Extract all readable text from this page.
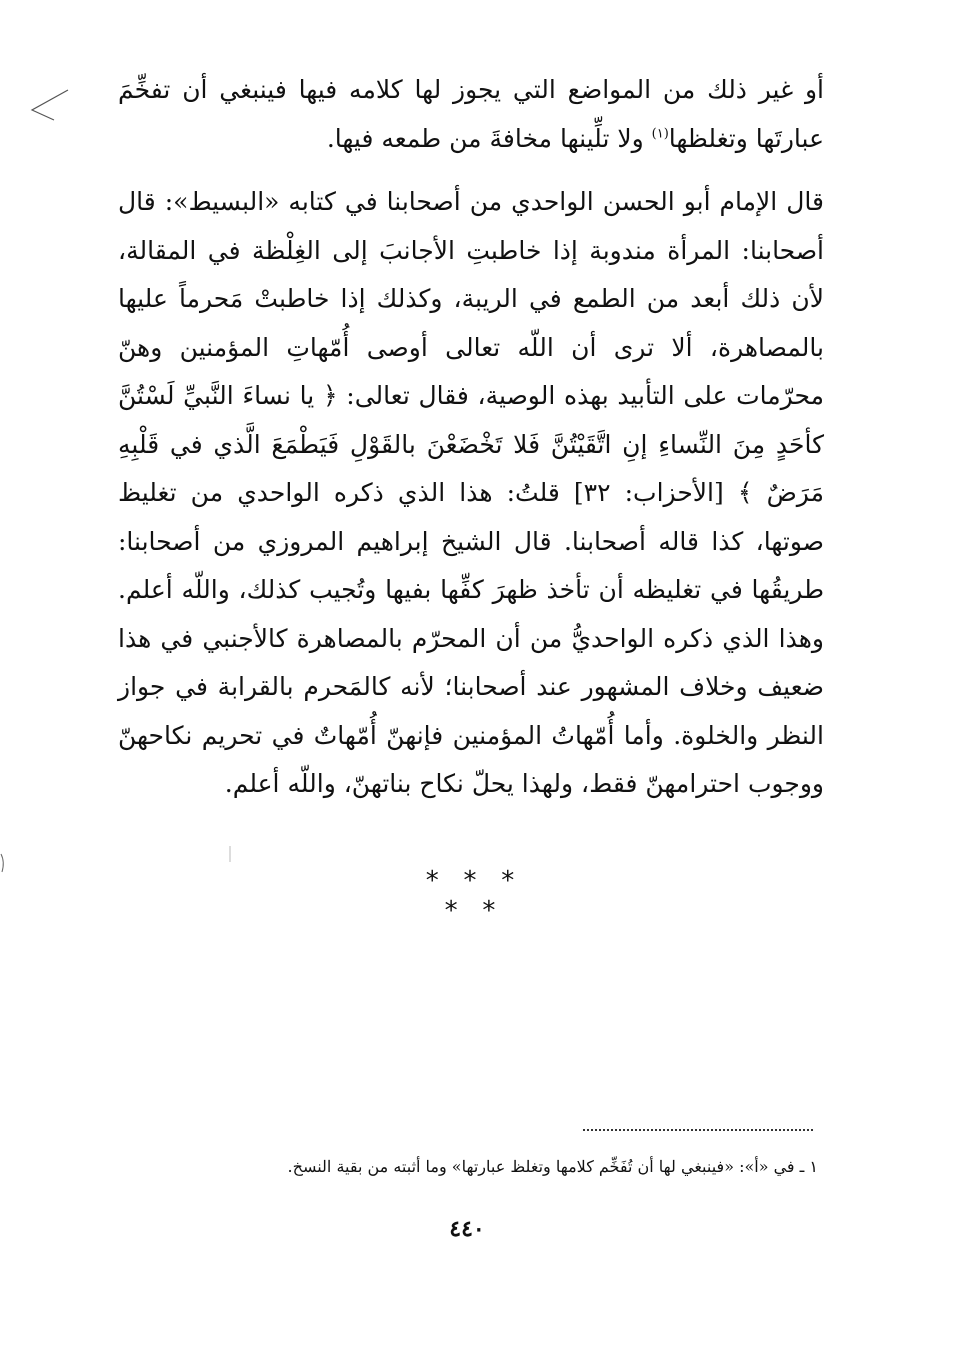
أو غير ذلك من المواضع التي يجوز لها كلامه فيها فينبغي أن تفخِّمَ عبارتَها وتغلظها$^{(١)}$ ولا تلِّينها مخافةَ من طمعه فيها.

قال الإمام أبو الحسن الواحدي من أصحابنا في كتابه «البسيط»: قال أصحابنا: المرأة مندوبة إذا خاطبتِ الأجانبَ إلى الغِلْظة في المقالة، لأن ذلك أبعد من الطمع في الريبة، وكذلك إذا خاطبتْ مَحرماً عليها بالمصاهرة، ألا ترى أن اللّه تعالى أوصى أُمّهاتِ المؤمنين وهنّ محرّمات على التأبيد بهذه الوصية، فقال تعالى: ﴿ يا نساءَ النَّبيِّ لَسْتُنَّ كأحَدٍ مِنَ النِّساءِ إنِ اتَّقَيْتُنَّ فَلا تَخْضَعْنَ بالقَوْلِ فَيَطْمَعَ الَّذي في قَلْبِهِ مَرَضٌ ﴾ [الأحزاب: ٣٢] قلتُ: هذا الذي ذكره الواحدي من تغليظ صوتها، كذا قاله أصحابنا. قال الشيخ إبراهيم المروزي من أصحابنا: طريقُها في تغليظه أن تأخذ ظهرَ كفِّها بفيها وتُجيب كذلك، واللّه أعلم. وهذا الذي ذكره الواحديُّ من أن المحرّم بالمصاهرة كالأجنبي في هذا ضعيف وخلاف المشهور عند أصحابنا؛ لأنه كالمَحرم بالقرابة في جواز النظر والخلوة. وأما أُمّهاتُ المؤمنين فإنهنّ أُمّهاتٌ في تحريم نكاحهنّ ووجوب احترامهنّ فقط، ولهذا يحلّ نكاح بناتهنّ، واللّه أعلم.

*   *   *
*   *
١ ـ في «أ»: «فينبغي لها أن تُفَخِّم كلامها وتغلظ عبارتها» وما أثبته من بقية النسخ.
٤٤٠
